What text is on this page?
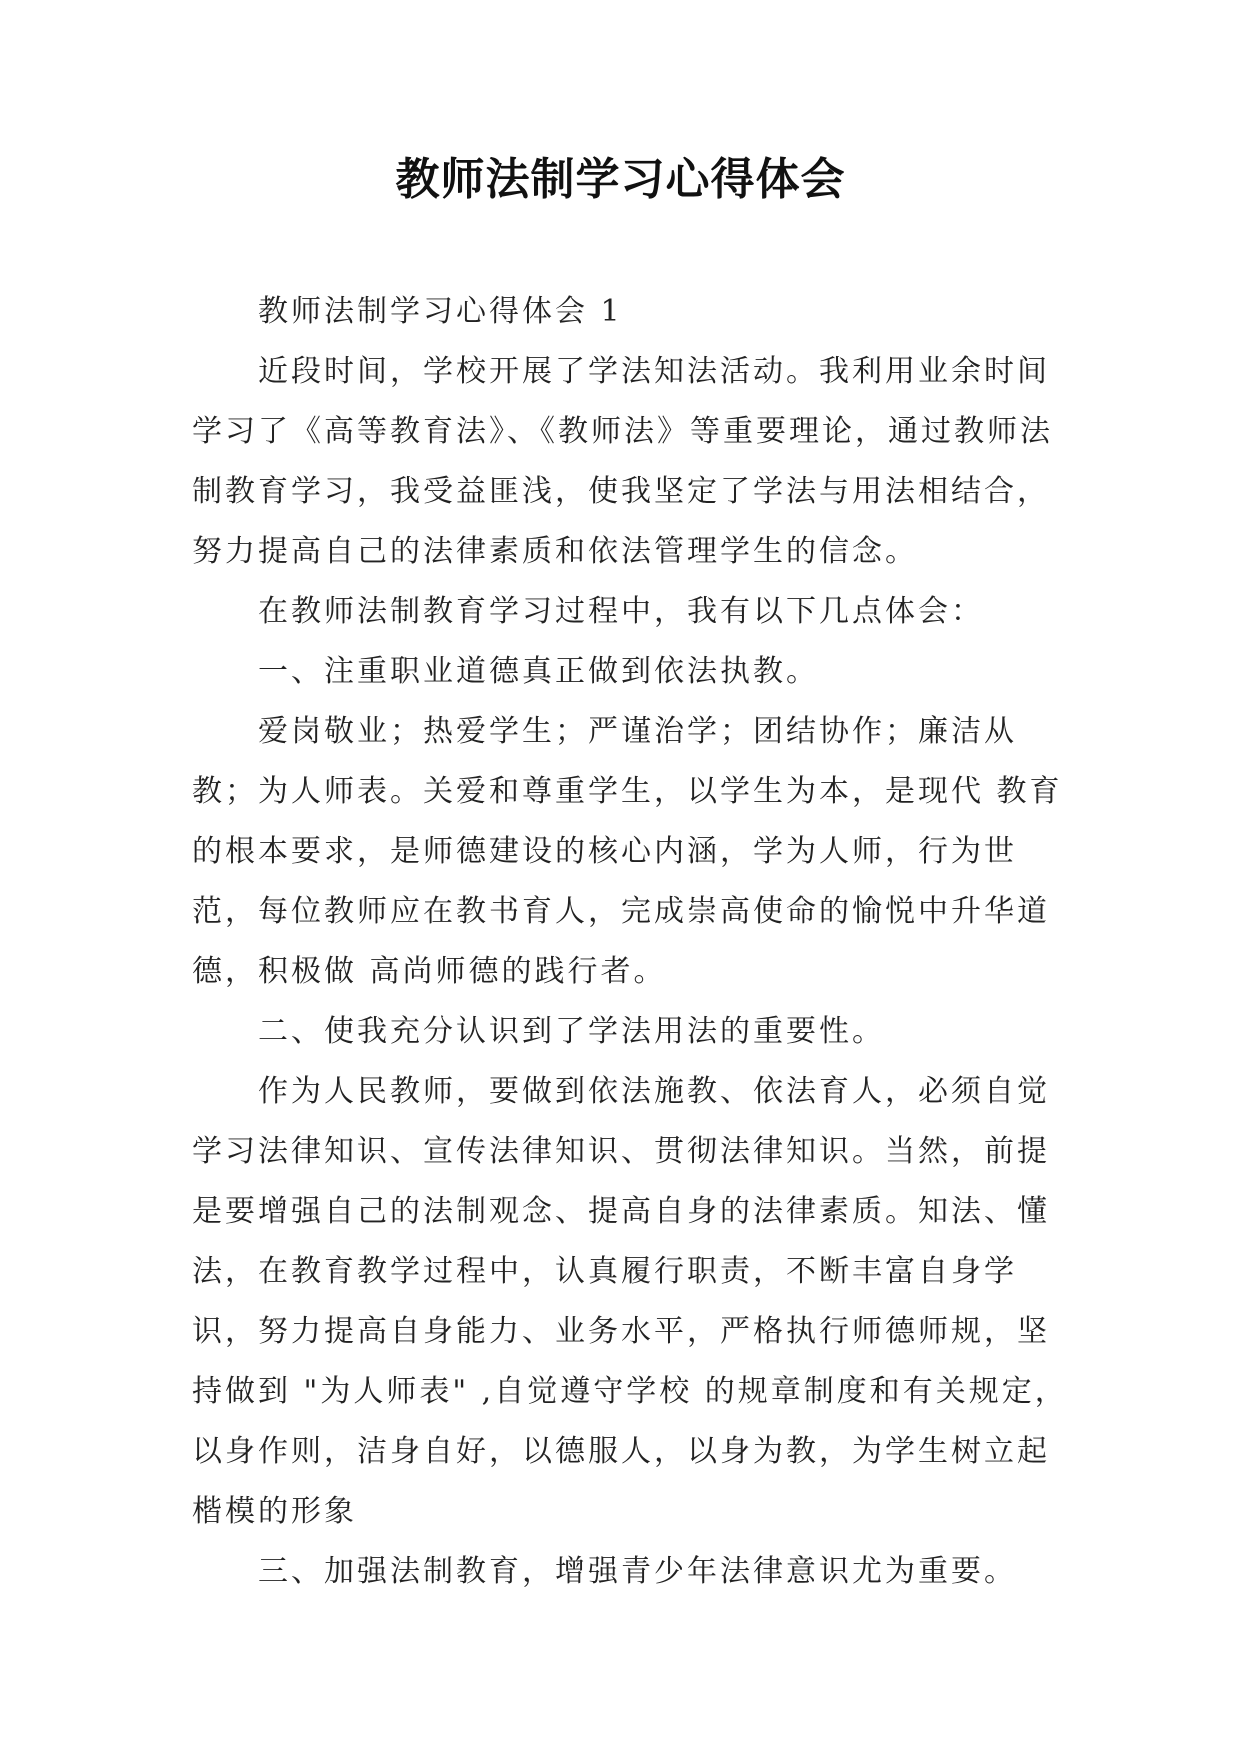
教师法制学习心得体会

教师法制学习心得体会 1

近段时间，学校开展了学法知法活动。我利用业余时间学习了《高等教育法》、《教师法》等重要理论，通过教师法制教育学习，我受益匪浅，使我坚定了学法与用法相结合，努力提高自己的法律素质和依法管理学生的信念。

在教师法制教育学习过程中，我有以下几点体会：

一、注重职业道德真正做到依法执教。

爱岗敬业；热爱学生；严谨治学；团结协作；廉洁从教；为人师表。关爱和尊重学生，以学生为本，是现代 教育的根本要求，是师德建设的核心内涵，学为人师，行为世范，每位教师应在教书育人，完成崇高使命的愉悦中升华道德，积极做 高尚师德的践行者。

二、使我充分认识到了学法用法的重要性。

作为人民教师，要做到依法施教、依法育人，必须自觉学习法律知识、宣传法律知识、贯彻法律知识。当然，前提是要增强自己的法制观念、提高自身的法律素质。知法、懂法，在教育教学过程中，认真履行职责，不断丰富自身学识，努力提高自身能力、业务水平，严格执行师德师规，坚持做到 "为人师表" ,自觉遵守学校 的规章制度和有关规定，以身作则，洁身自好，以德服人，以身为教，为学生树立起楷模的形象

三、加强法制教育，增强青少年法律意识尤为重要。
